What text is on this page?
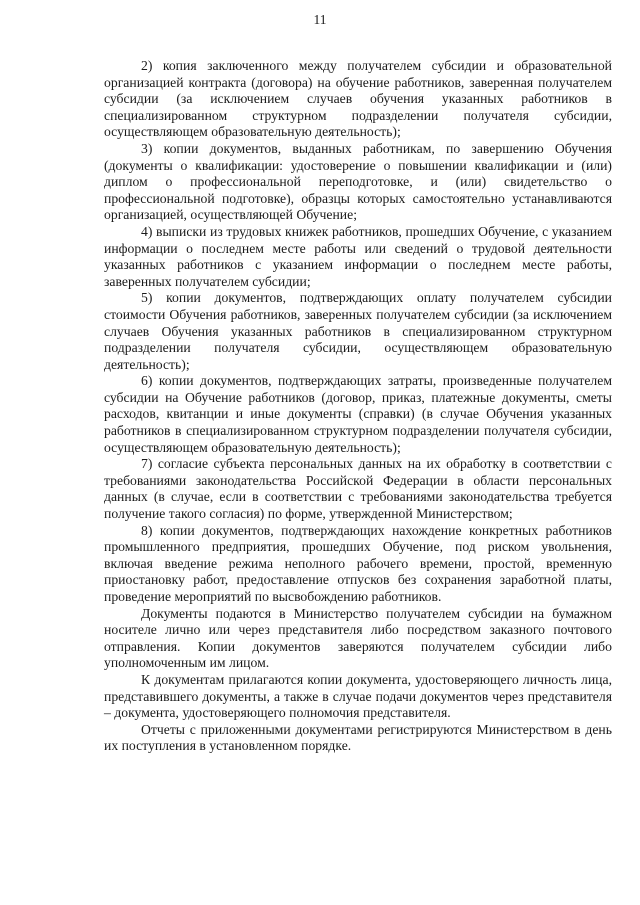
11

2) копия заключенного между получателем субсидии и образовательной организацией контракта (договора) на обучение работников, заверенная получателем субсидии (за исключением случаев обучения указанных работников в специализированном структурном подразделении получателя субсидии, осуществляющем образовательную деятельность);

3) копии документов, выданных работникам, по завершению Обучения (документы о квалификации: удостоверение о повышении квалификации и (или) диплом о профессиональной переподготовке, и (или) свидетельство о профессиональной подготовке), образцы которых самостоятельно устанавливаются организацией, осуществляющей Обучение;

4) выписки из трудовых книжек работников, прошедших Обучение, с указанием информации о последнем месте работы или сведений о трудовой деятельности указанных работников с указанием информации о последнем месте работы, заверенных получателем субсидии;

5) копии документов, подтверждающих оплату получателем субсидии стоимости Обучения работников, заверенных получателем субсидии (за исключением случаев Обучения указанных работников в специализированном структурном подразделении получателя субсидии, осуществляющем образовательную деятельность);

6) копии документов, подтверждающих затраты, произведенные получателем субсидии на Обучение работников (договор, приказ, платежные документы, сметы расходов, квитанции и иные документы (справки) (в случае Обучения указанных работников в специализированном структурном подразделении получателя субсидии, осуществляющем образовательную деятельность);

7) согласие субъекта персональных данных на их обработку в соответствии с требованиями законодательства Российской Федерации в области персональных данных (в случае, если в соответствии с требованиями законодательства требуется получение такого согласия) по форме, утвержденной Министерством;

8) копии документов, подтверждающих нахождение конкретных работников промышленного предприятия, прошедших Обучение, под риском увольнения, включая введение режима неполного рабочего времени, простой, временную приостановку работ, предоставление отпусков без сохранения заработной платы, проведение мероприятий по высвобождению работников.

Документы подаются в Министерство получателем субсидии на бумажном носителе лично или через представителя либо посредством заказного почтового отправления. Копии документов заверяются получателем субсидии либо уполномоченным им лицом.

К документам прилагаются копии документа, удостоверяющего личность лица, представившего документы, а также в случае подачи документов через представителя – документа, удостоверяющего полномочия представителя.

Отчеты с приложенными документами регистрируются Министерством в день их поступления в установленном порядке.
